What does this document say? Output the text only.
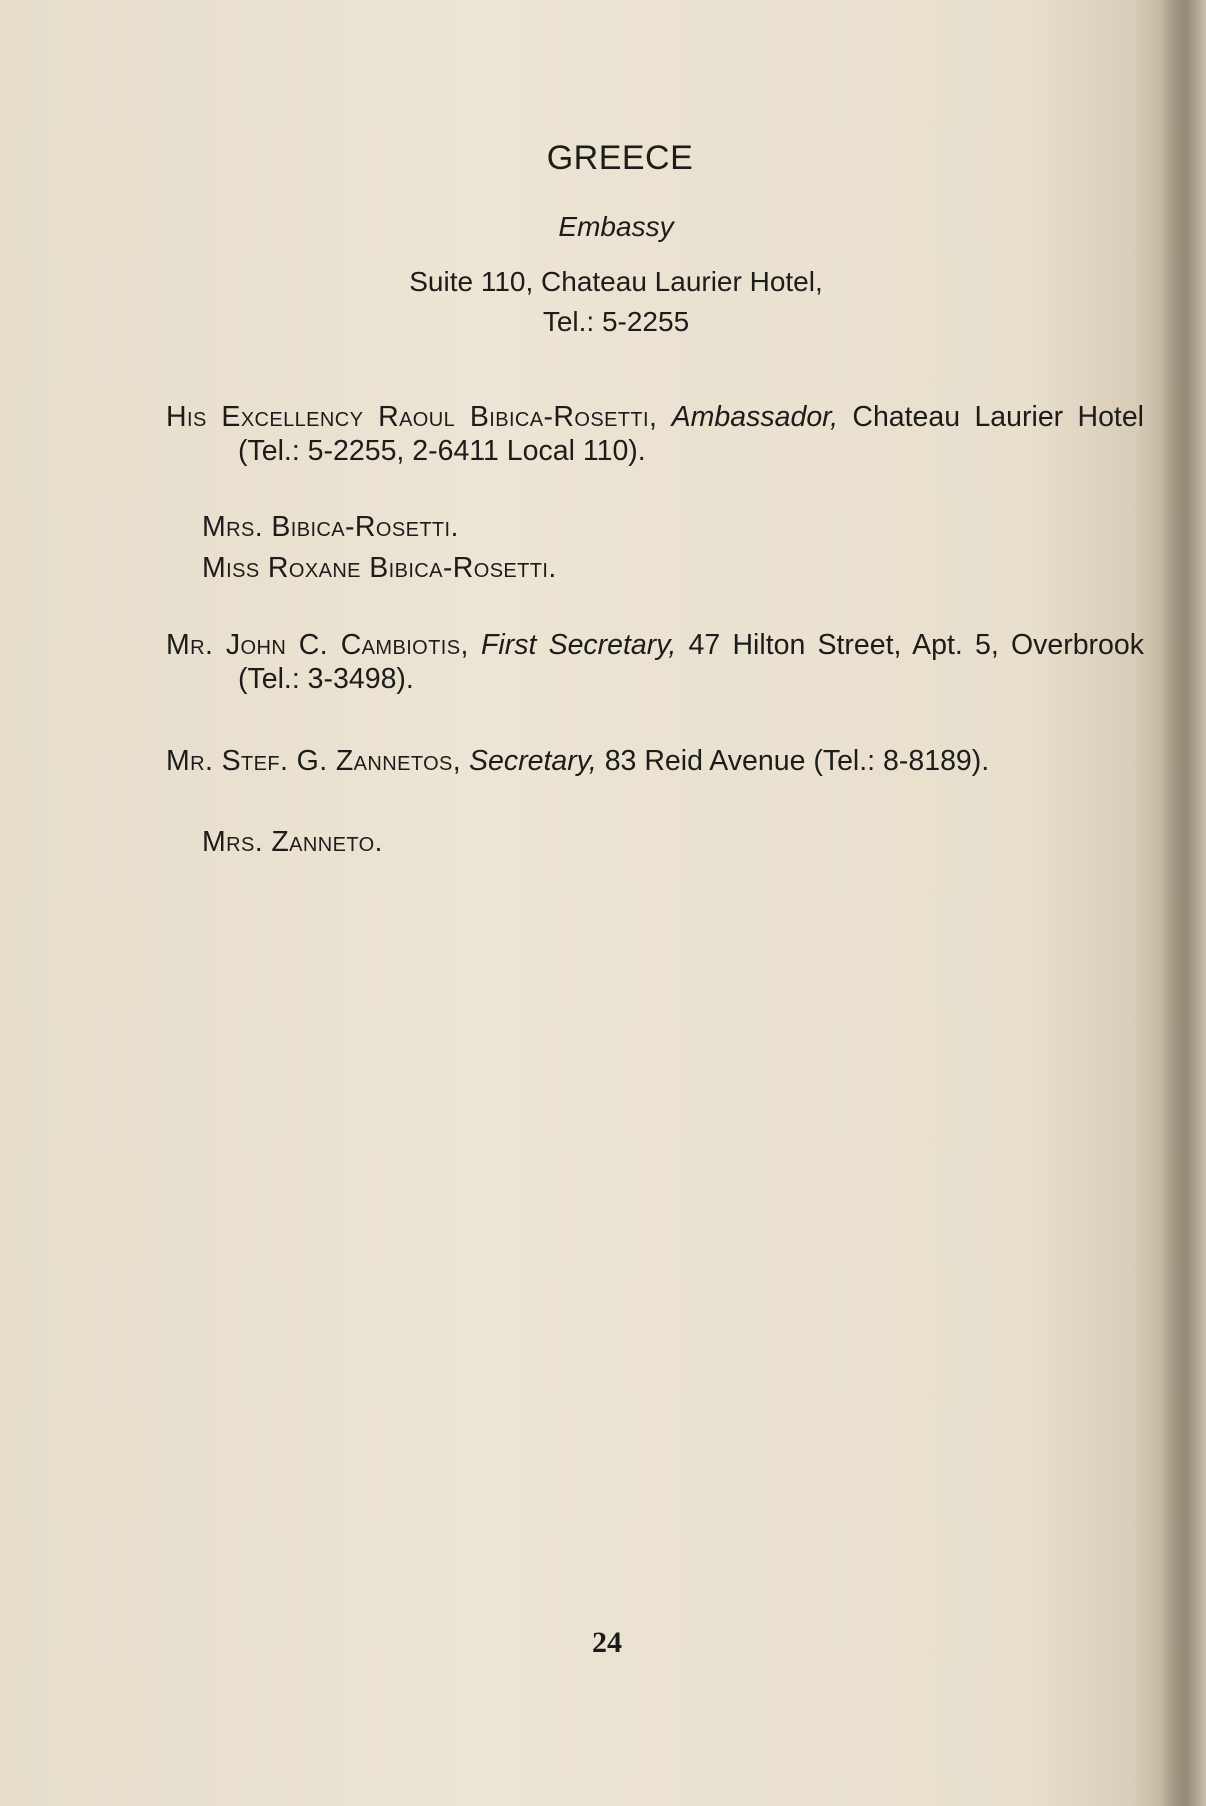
GREECE
Embassy
Suite 110, Chateau Laurier Hotel,
Tel.: 5-2255
His Excellency Raoul Bibica-Rosetti, Ambassador, Chateau Laurier Hotel (Tel.: 5-2255, 2-6411 Local 110).
Mrs. Bibica-Rosetti.
Miss Roxane Bibica-Rosetti.
Mr. John C. Cambiotis, First Secretary, 47 Hilton Street, Apt. 5, Overbrook (Tel.: 3-3498).
Mr. Stef. G. Zannetos, Secretary, 83 Reid Avenue (Tel.: 8-8189).
Mrs. Zanneto.
24
